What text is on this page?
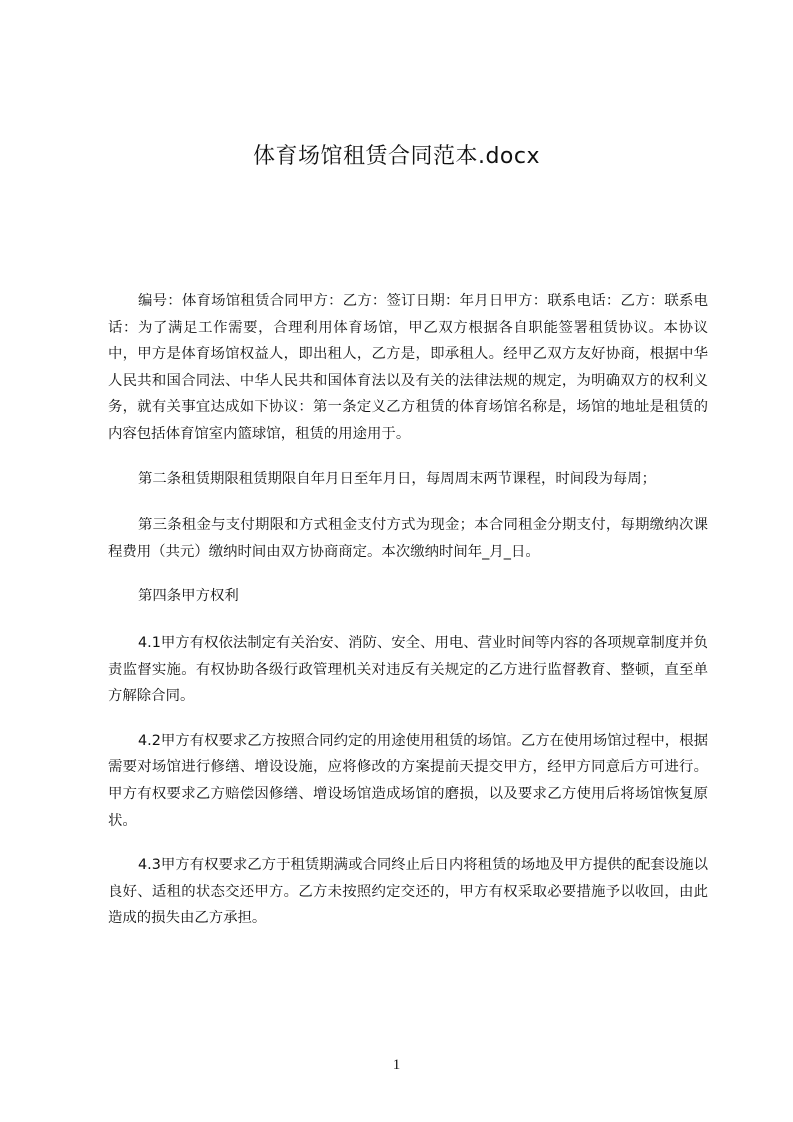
体育场馆租赁合同范本.docx

编号：体育场馆租赁合同甲方：乙方：签订日期：年月日甲方：联系电话：乙方：联系电话：为了满足工作需要，合理利用体育场馆，甲乙双方根据各自职能签署租赁协议。本协议中，甲方是体育场馆权益人，即出租人，乙方是，即承租人。经甲乙双方友好协商，根据中华人民共和国合同法、中华人民共和国体育法以及有关的法律法规的规定，为明确双方的权利义务，就有关事宜达成如下协议：第一条定义乙方租赁的体育场馆名称是，场馆的地址是租赁的内容包括体育馆室内篮球馆，租赁的用途用于。

第二条租赁期限租赁期限自年月日至年月日，每周周末两节课程，时间段为每周；

第三条租金与支付期限和方式租金支付方式为现金；本合同租金分期支付，每期缴纳次课程费用（共元）缴纳时间由双方协商商定。本次缴纳时间年_月_日。

第四条甲方权利

4.1甲方有权依法制定有关治安、消防、安全、用电、营业时间等内容的各项规章制度并负责监督实施。有权协助各级行政管理机关对违反有关规定的乙方进行监督教育、整顿，直至单方解除合同。

4.2甲方有权要求乙方按照合同约定的用途使用租赁的场馆。乙方在使用场馆过程中，根据需要对场馆进行修缮、增设设施，应将修改的方案提前天提交甲方，经甲方同意后方可进行。甲方有权要求乙方赔偿因修缮、增设场馆造成场馆的磨损，以及要求乙方使用后将场馆恢复原状。

4.3甲方有权要求乙方于租赁期满或合同终止后日内将租赁的场地及甲方提供的配套设施以良好、适租的状态交还甲方。乙方未按照约定交还的，甲方有权采取必要措施予以收回，由此造成的损失由乙方承担。

1
